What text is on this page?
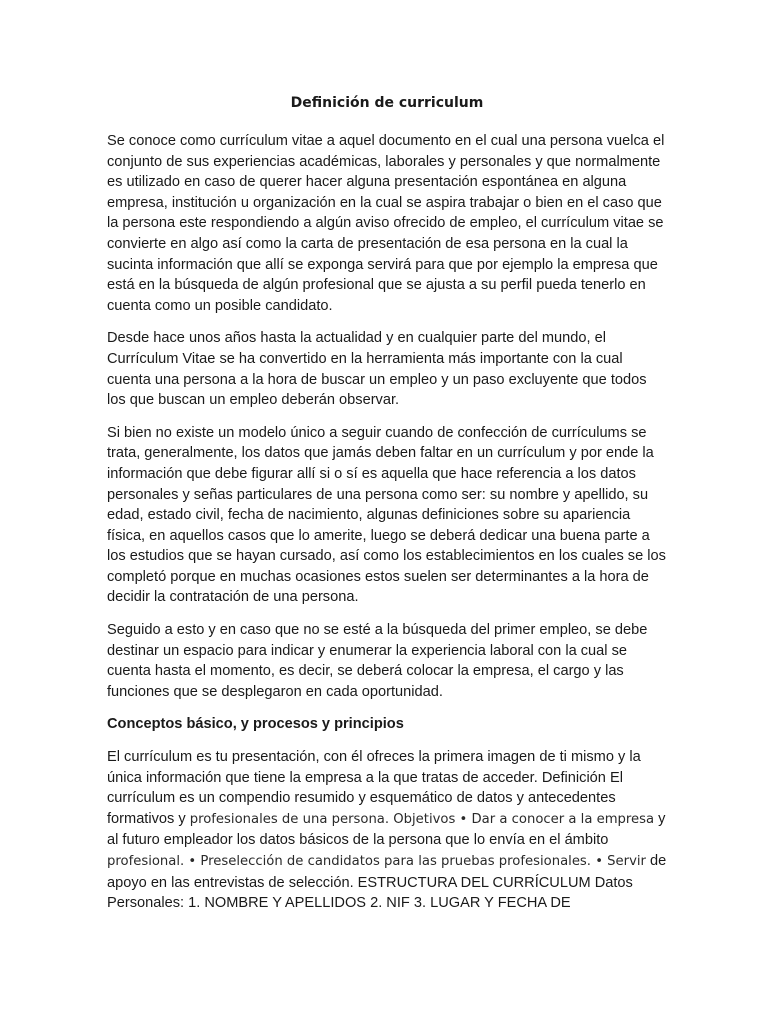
Definición de curriculum

Se conoce como currículum vitae a aquel documento en el cual una persona vuelca el conjunto de sus experiencias académicas, laborales y personales y que normalmente es utilizado en caso de querer hacer alguna presentación espontánea en alguna empresa, institución u organización en la cual se aspira trabajar o bien en el caso que la persona este respondiendo a algún aviso ofrecido de empleo, el currículum vitae se convierte en algo así como la carta de presentación de esa persona en la cual la sucinta información que allí se exponga servirá para que por ejemplo la empresa que está en la búsqueda de algún profesional que se ajusta a su perfil pueda tenerlo en cuenta como un posible candidato.

Desde hace unos años hasta la actualidad y en cualquier parte del mundo, el Currículum Vitae se ha convertido en la herramienta más importante con la cual cuenta una persona a la hora de buscar un empleo y un paso excluyente que todos los que buscan un empleo deberán observar.

Si bien no existe un modelo único a seguir cuando de confección de currículums se trata, generalmente, los datos que jamás deben faltar en un currículum y por ende la información que debe figurar allí si o sí es aquella que hace referencia a los datos personales y señas particulares de una persona como ser: su nombre y apellido, su edad, estado civil, fecha de nacimiento, algunas definiciones sobre su apariencia física, en aquellos casos que lo amerite, luego se deberá dedicar una buena parte a los estudios que se hayan cursado, así como los establecimientos en los cuales se los completó porque en muchas ocasiones estos suelen ser determinantes a la hora de decidir la contratación de una persona.

Seguido a esto y en caso que no se esté a la búsqueda del primer empleo, se debe destinar un espacio para indicar y enumerar la experiencia laboral con la cual se cuenta hasta el momento, es decir, se deberá colocar la empresa, el cargo y las funciones que se desplegaron en cada oportunidad.

Conceptos básico, y procesos y principios

El currículum es tu presentación, con él ofreces la primera imagen de ti mismo y la única información que tiene la empresa a la que tratas de acceder. Definición El currículum es un compendio resumido y esquemático de datos y antecedentes formativos y profesionales de una persona. Objetivos • Dar a conocer a la empresa y al futuro empleador los datos básicos de la persona que lo envía en el ámbito profesional. • Preselección de candidatos para las pruebas profesionales. • Servir de apoyo en las entrevistas de selección. ESTRUCTURA DEL CURRÍCULUM Datos Personales: 1. NOMBRE Y APELLIDOS 2. NIF 3. LUGAR Y FECHA DE
